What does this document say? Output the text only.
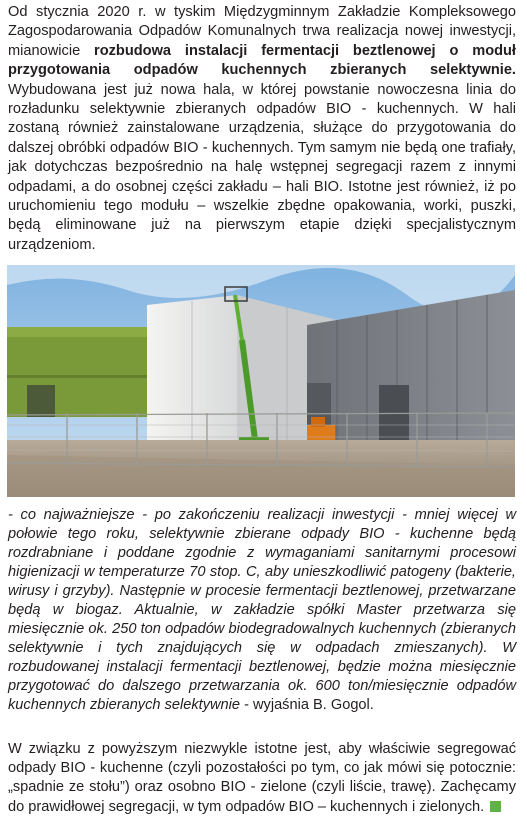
Od stycznia 2020 r. w tyskim Międzygminnym Zakładzie Kompleksowego Zagospodarowania Odpadów Komunalnych trwa realizacja nowej inwestycji, mianowicie rozbudowa instalacji fermentacji beztlenowej o moduł przygotowania odpadów kuchennych zbieranych selektywnie. Wybudowana jest już nowa hala, w której powstanie nowoczesna linia do rozładunku selektywnie zbieranych odpadów BIO - kuchennych. W hali zostaną również zainstalowane urządzenia, służące do przygotowania do dalszej obróbki odpadów BIO - kuchennych. Tym samym nie będą one trafiały, jak dotychczas bezpośrednio na halę wstępnej segregacji razem z innymi odpadami, a do osobnej części zakładu – hali BIO. Istotne jest również, iż po uruchomieniu tego modułu – wszelkie zbędne opakowania, worki, puszki, będą eliminowane już na pierwszym etapie dzięki specjalistycznym urządzeniom.

- co najważniejsze - po zakończeniu realizacji inwestycji - mniej więcej w połowie tego roku, selektywnie zbierane odpady BIO - kuchenne będą rozdrabniane i poddane zgodnie z wymaganiami sanitarnymi procesowi higienizacji w temperaturze 70 stop. C, aby unieszkodliwić patogeny (bakterie, wirusy i grzyby). Następnie w procesie fermentacji beztlenowej, przetwarzane będą w biogaz. Aktualnie, w zakładzie spółki Master przetwarza się miesięcznie ok. 250 ton odpadów biodegradowalnych kuchennych (zbieranych selektywnie i tych znajdujących się w odpadach zmieszanych). W rozbudowanej instalacji fermentacji beztlenowej, będzie można miesięcznie przygotować do dalszego przetwarzania ok. 600 ton/miesięcznie odpadów kuchennych zbieranych selektywnie - wyjaśnia B. Gogol.

W związku z powyższym niezwykle istotne jest, aby właściwie segregować odpady BIO - kuchenne (czyli pozostałości po tym, co jak mówi się potocznie: „spadnie ze stołu”) oraz osobno BIO - zielone (czyli liście, trawę). Zachęcamy do prawidłowej segregacji, w tym odpadów BIO – kuchennych i zielonych.
